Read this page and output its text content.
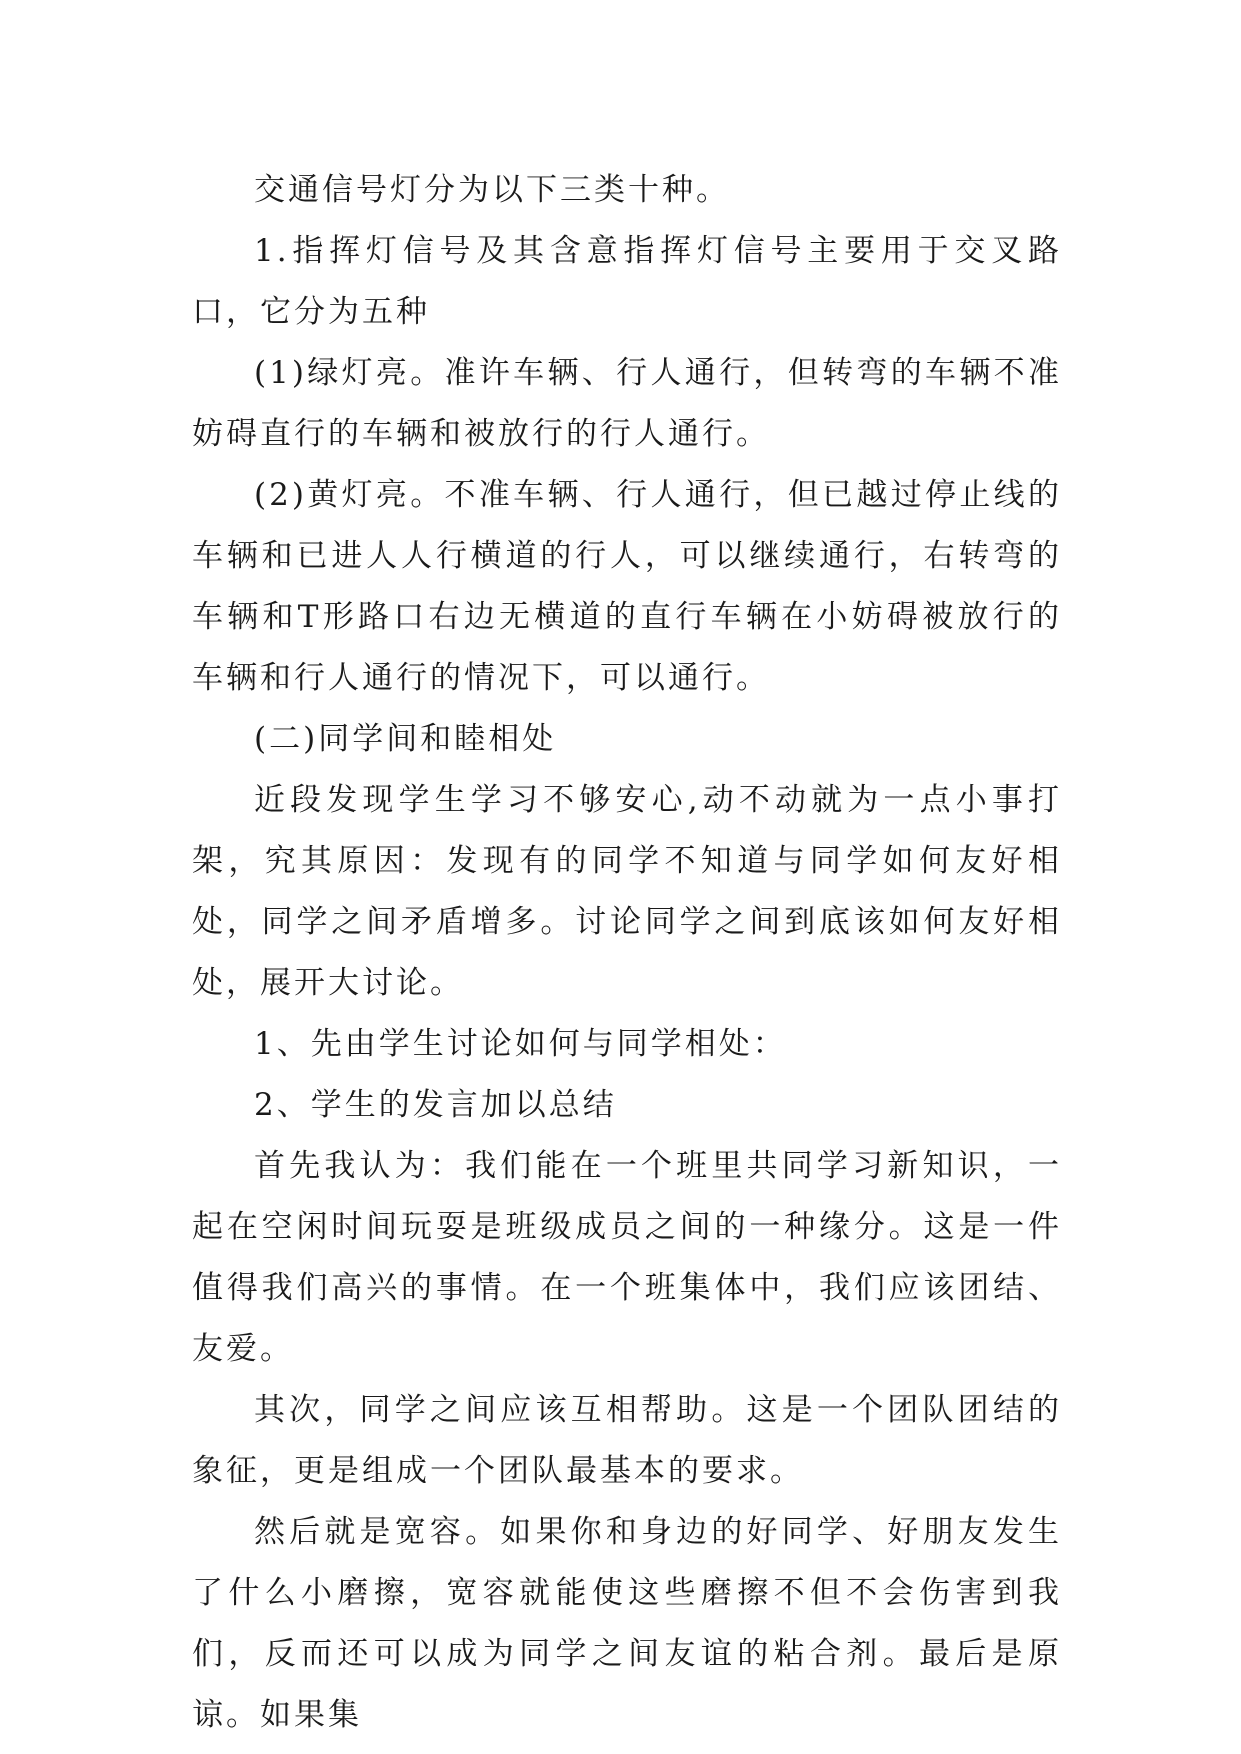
交通信号灯分为以下三类十种。

1.指挥灯信号及其含意指挥灯信号主要用于交叉路口，它分为五种

(1)绿灯亮。准许车辆、行人通行，但转弯的车辆不准妨碍直行的车辆和被放行的行人通行。

(2)黄灯亮。不准车辆、行人通行，但已越过停止线的车辆和已进人人行横道的行人，可以继续通行，右转弯的车辆和T形路口右边无横道的直行车辆在小妨碍被放行的车辆和行人通行的情况下，可以通行。

(二)同学间和睦相处

近段发现学生学习不够安心,动不动就为一点小事打架，究其原因：发现有的同学不知道与同学如何友好相处，同学之间矛盾增多。讨论同学之间到底该如何友好相处，展开大讨论。

1、先由学生讨论如何与同学相处：

2、学生的发言加以总结

首先我认为：我们能在一个班里共同学习新知识，一起在空闲时间玩耍是班级成员之间的一种缘分。这是一件值得我们高兴的事情。在一个班集体中，我们应该团结、友爱。

其次，同学之间应该互相帮助。这是一个团队团结的象征，更是组成一个团队最基本的要求。

然后就是宽容。如果你和身边的好同学、好朋友发生了什么小磨擦，宽容就能使这些磨擦不但不会伤害到我们，反而还可以成为同学之间友谊的粘合剂。最后是原谅。如果集
